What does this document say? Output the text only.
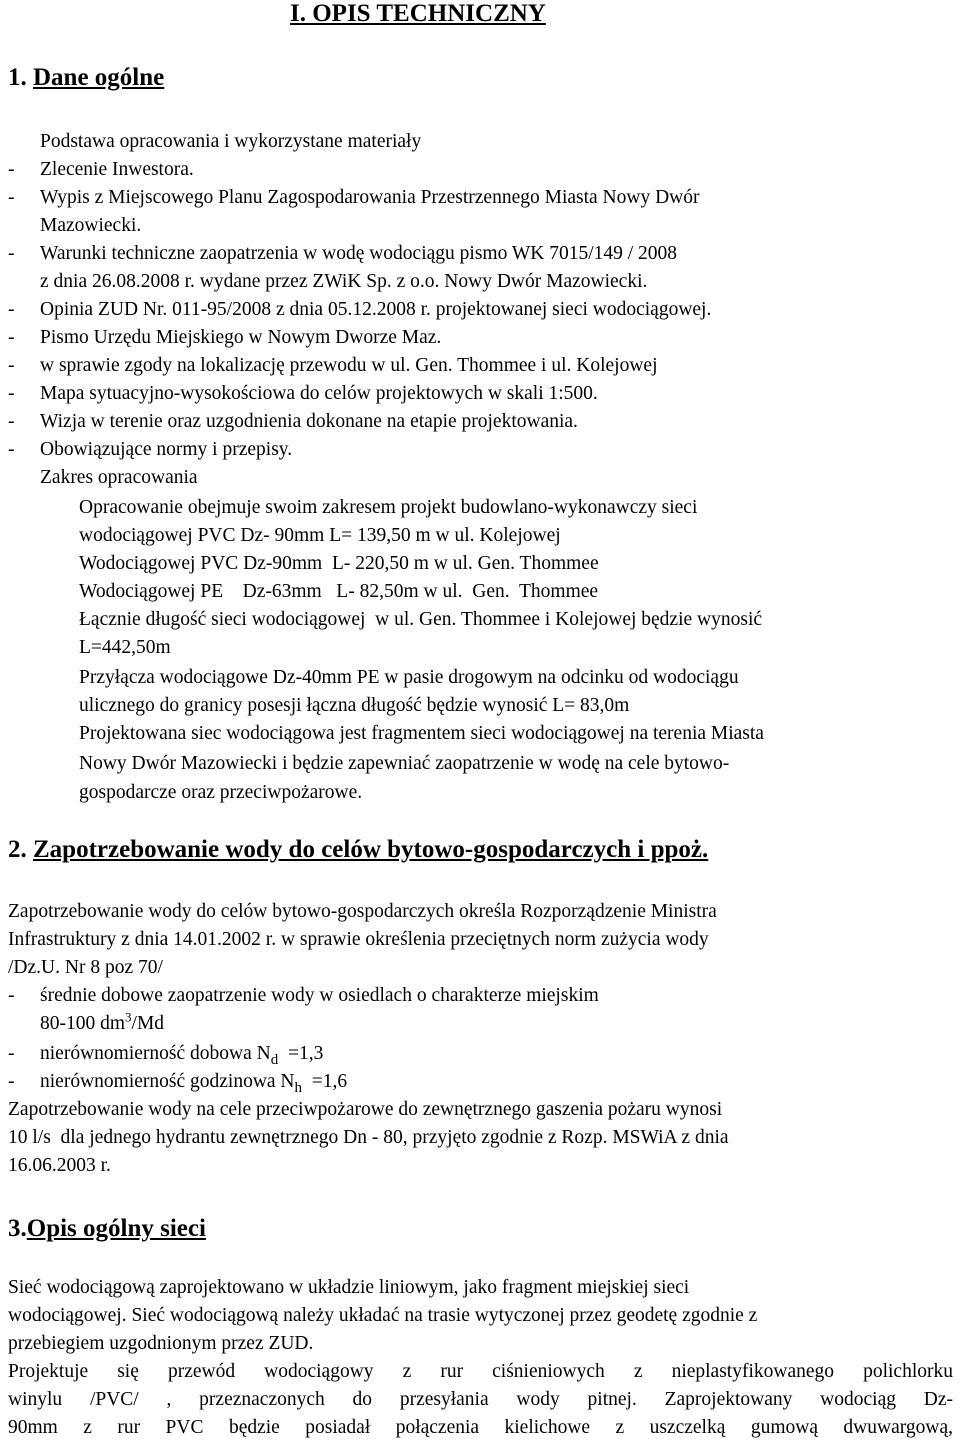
I. OPIS TECHNICZNY
1. Dane ogólne
Podstawa opracowania i wykorzystane materiały
- Zlecenie Inwestora.
- Wypis z Miejscowego Planu Zagospodarowania Przestrzennego Miasta Nowy Dwór
Mazowiecki.
- Warunki techniczne zaopatrzenia w wodę wodociągu pismo WK 7015/149 / 2008
z dnia 26.08.2008 r. wydane przez ZWiK Sp. z o.o. Nowy Dwór Mazowiecki.
- Opinia ZUD Nr. 011-95/2008 z dnia 05.12.2008 r. projektowanej sieci wodociągowej.
- Pismo Urzędu Miejskiego w Nowym Dworze Maz.
- w sprawie zgody na lokalizację przewodu w ul. Gen. Thommee i ul. Kolejowej
- Mapa sytuacyjno-wysokościowa do celów projektowych w skali 1:500.
- Wizja w terenie oraz uzgodnienia dokonane na etapie projektowania.
- Obowiązujące normy i przepisy.
Zakres opracowania
Opracowanie obejmuje swoim zakresem projekt budowlano-wykonawczy sieci
wodociągowej PVC Dz- 90mm L= 139,50 m w ul. Kolejowej
Wodociągowej PVC Dz-90mm  L- 220,50 m w ul. Gen. Thommee
Wodociągowej PE    Dz-63mm   L- 82,50m w ul.  Gen.  Thommee
Łącznie długość sieci wodociągowej  w ul. Gen. Thommee i Kolejowej będzie wynosić
L=442,50m
Przyłącza wodociągowe Dz-40mm PE w pasie drogowym na odcinku od wodociągu
ulicznego do granicy posesji łączna długość będzie wynosić L= 83,0m
Projektowana siec wodociągowa jest fragmentem sieci wodociągowej na terenia Miasta
Nowy Dwór Mazowiecki i będzie zapewniać zaopatrzenie w wodę na cele bytowo-
gospodarcze oraz przeciwpożarowe.
2. Zapotrzebowanie wody do celów bytowo-gospodarczych i ppoż.
Zapotrzebowanie wody do celów bytowo-gospodarczych określa Rozporządzenie Ministra
Infrastruktury z dnia 14.01.2002 r. w sprawie określenia przeciętnych norm zużycia wody
/Dz.U. Nr 8 poz 70/
- średnie dobowe zaopatrzenie wody w osiedlach o charakterze miejskim
80-100 $dm^3/Md$
- nierównomierność dobowa $N_d =1,3$
- nierównomierność godzinowa $N_h =1,6$
Zapotrzebowanie wody na cele przeciwpożarowe do zewnętrznego gaszenia pożaru wynosi
10 l/s  dla jednego hydrantu zewnętrznego Dn - 80, przyjęto zgodnie z Rozp. MSWiA z dnia
16.06.2003 r.
3.Opis ogólny sieci
Sieć wodociągową zaprojektowano w układzie liniowym, jako fragment miejskiej sieci
wodociągowej. Sieć wodociągową należy układać na trasie wytyczonej przez geodetę zgodnie z
przebiegiem uzgodnionym przez ZUD.
Projektuje się przewód wodociągowy z rur ciśnieniowych z nieplastyfikowanego polichlorku
winylu /PVC/ , przeznaczonych do przesyłania wody pitnej. Zaprojektowany wodociąg Dz-
90mm z rur PVC będzie posiadał połączenia kielichowe z uszczelką gumową dwuwargową,
